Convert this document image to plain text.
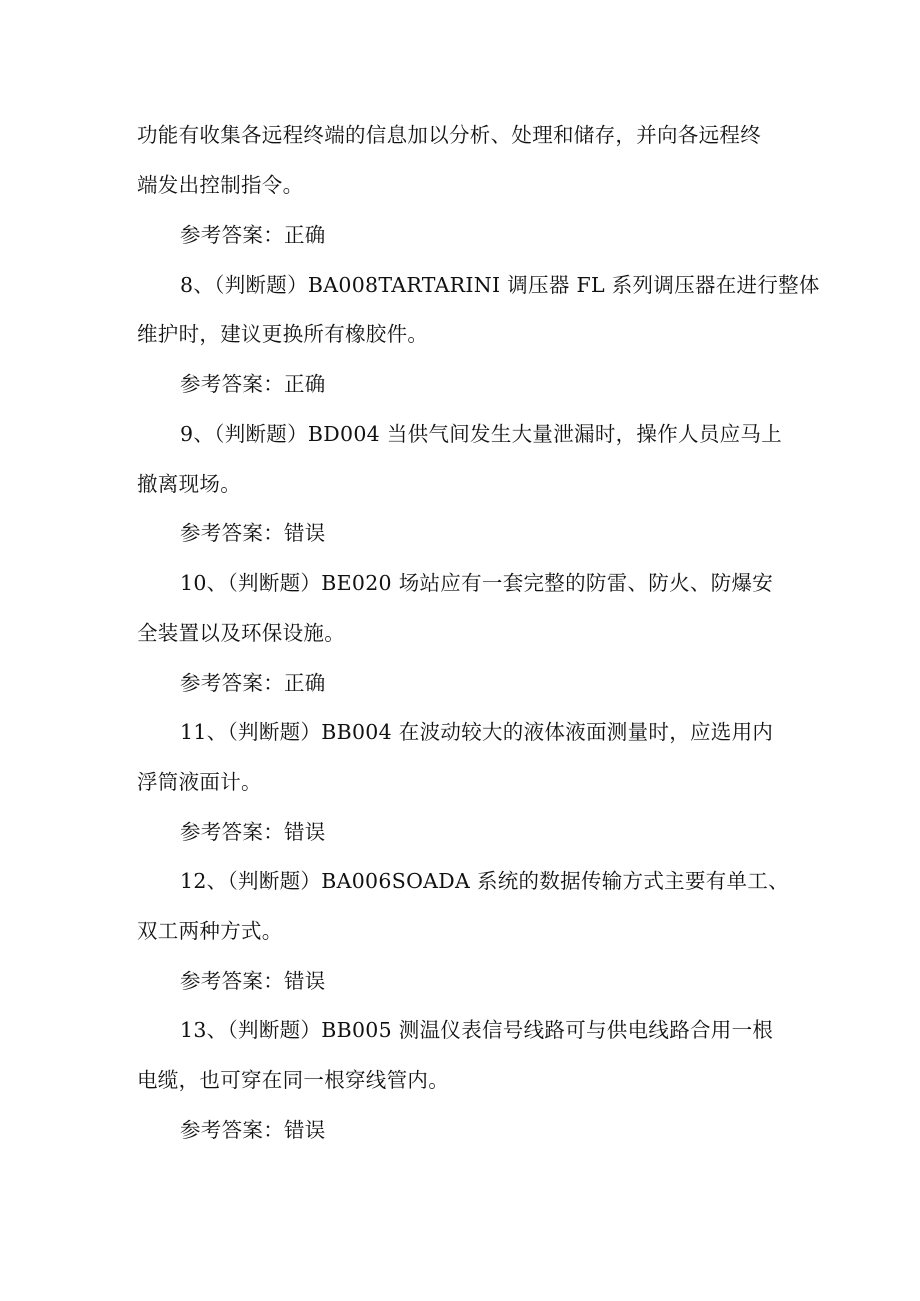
功能有收集各远程终端的信息加以分析、处理和储存，并向各远程终
端发出控制指令。
参考答案：正确
8、（判断题）BA008TARTARINI 调压器 FL 系列调压器在进行整体
维护时，建议更换所有橡胶件。
参考答案：正确
9、（判断题）BD004 当供气间发生大量泄漏时，操作人员应马上
撤离现场。
参考答案：错误
10、（判断题）BE020 场站应有一套完整的防雷、防火、防爆安
全装置以及环保设施。
参考答案：正确
11、（判断题）BB004 在波动较大的液体液面测量时，应选用内
浮筒液面计。
参考答案：错误
12、（判断题）BA006SOADA 系统的数据传输方式主要有单工、
双工两种方式。
参考答案：错误
13、（判断题）BB005 测温仪表信号线路可与供电线路合用一根
电缆，也可穿在同一根穿线管内。
参考答案：错误
